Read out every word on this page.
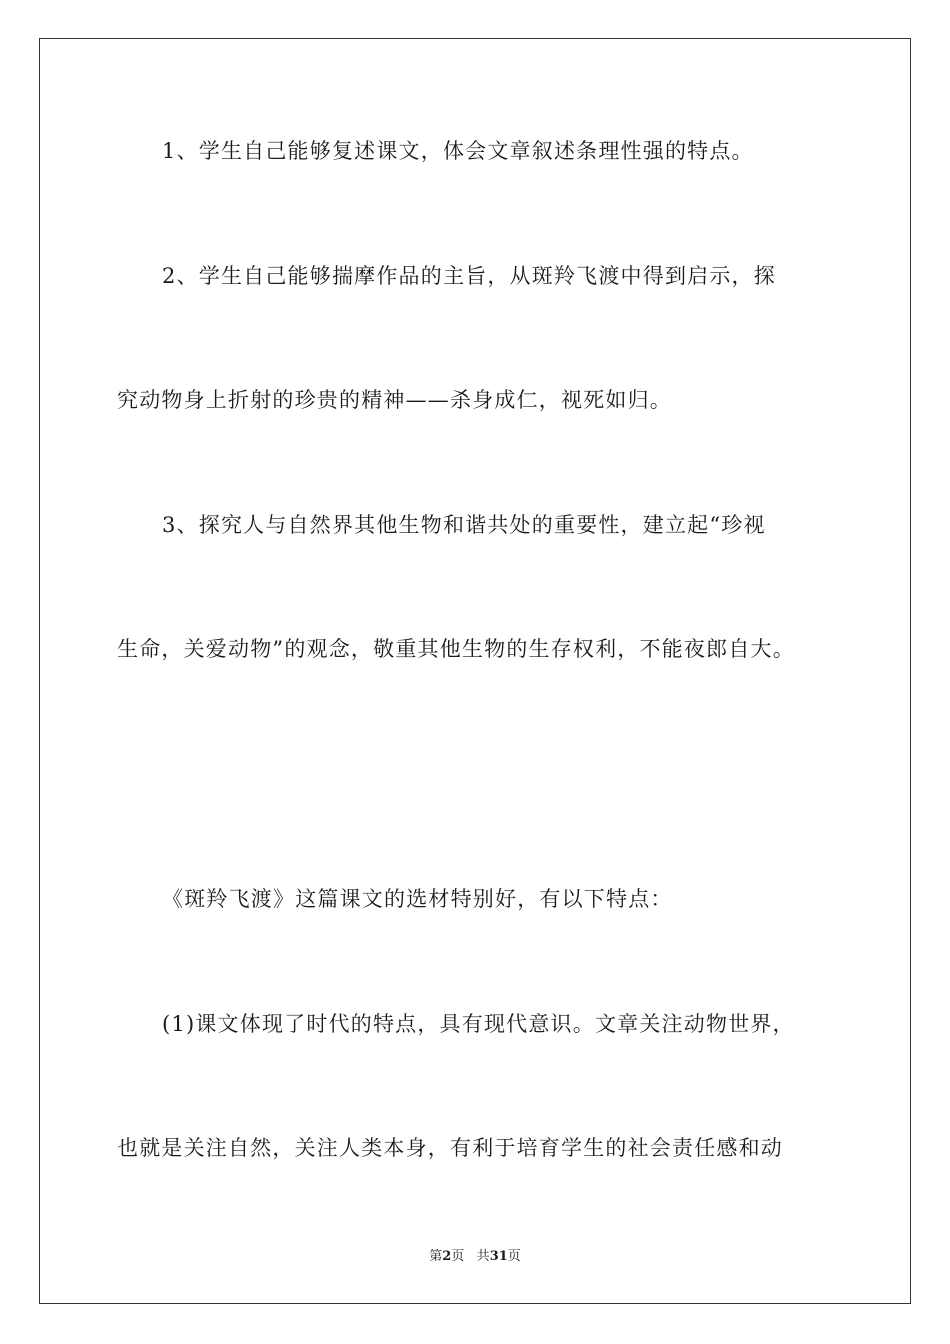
1、学生自己能够复述课文，体会文章叙述条理性强的特点。

2、学生自己能够揣摩作品的主旨，从斑羚飞渡中得到启示，探

究动物身上折射的珍贵的精神——杀身成仁，视死如归。

3、探究人与自然界其他生物和谐共处的重要性，建立起“珍视

生命，关爱动物”的观念，敬重其他生物的生存权利，不能夜郎自大。

《斑羚飞渡》这篇课文的选材特别好，有以下特点：

(1)课文体现了时代的特点，具有现代意识。文章关注动物世界，

也就是关注自然，关注人类本身，有利于培育学生的社会责任感和动

第2页 共31页
